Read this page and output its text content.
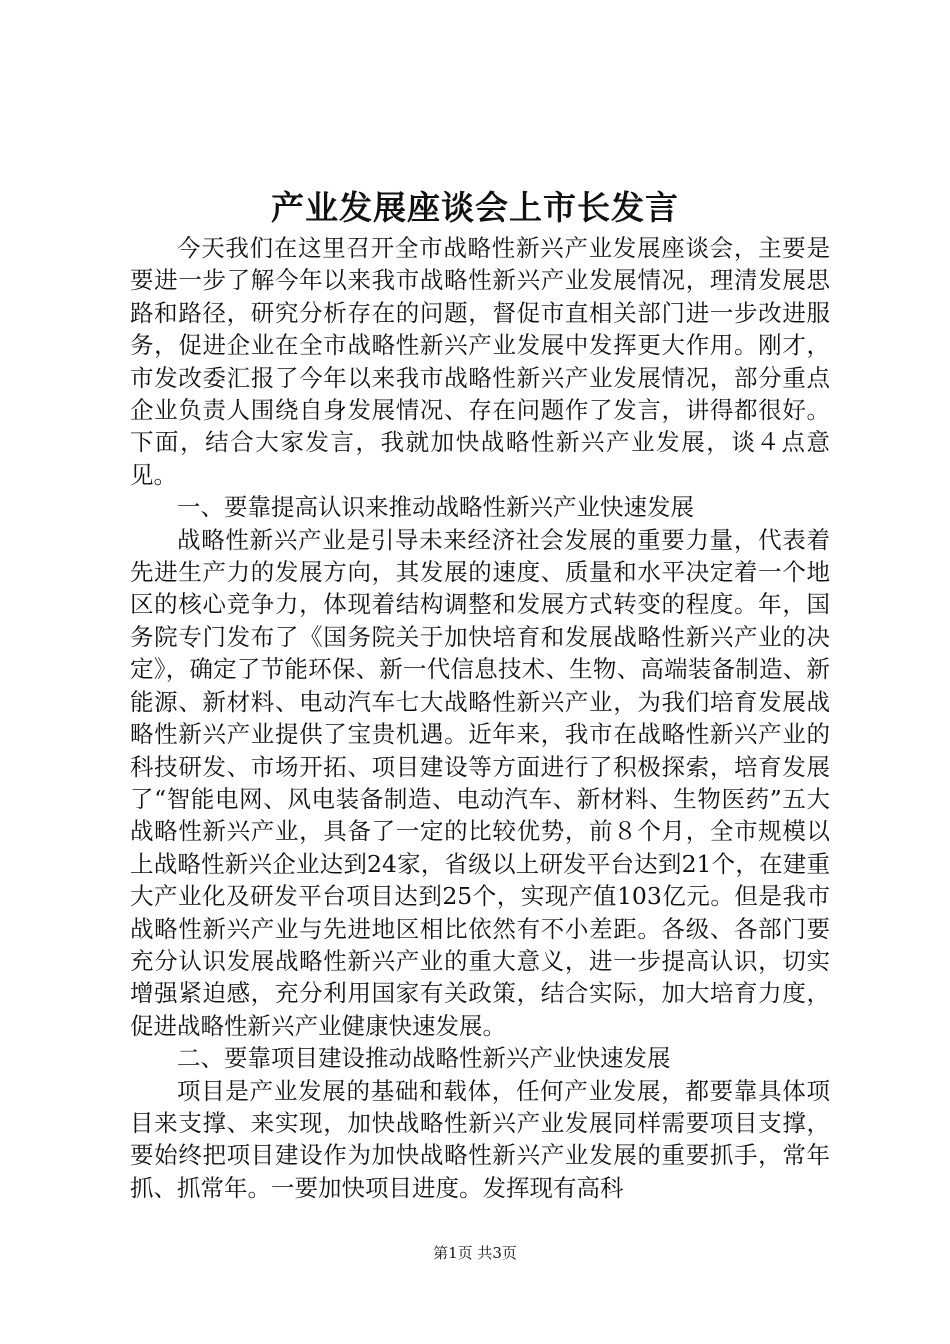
产业发展座谈会上市长发言

今天我们在这里召开全市战略性新兴产业发展座谈会，主要是要进一步了解今年以来我市战略性新兴产业发展情况，理清发展思路和路径，研究分析存在的问题，督促市直相关部门进一步改进服务，促进企业在全市战略性新兴产业发展中发挥更大作用。刚才，市发改委汇报了今年以来我市战略性新兴产业发展情况，部分重点企业负责人围绕自身发展情况、存在问题作了发言，讲得都很好。下面，结合大家发言，我就加快战略性新兴产业发展，谈４点意见。

一、要靠提高认识来推动战略性新兴产业快速发展

战略性新兴产业是引导未来经济社会发展的重要力量，代表着先进生产力的发展方向，其发展的速度、质量和水平决定着一个地区的核心竞争力，体现着结构调整和发展方式转变的程度。年，国务院专门发布了《国务院关于加快培育和发展战略性新兴产业的决定》，确定了节能环保、新一代信息技术、生物、高端装备制造、新能源、新材料、电动汽车七大战略性新兴产业，为我们培育发展战略性新兴产业提供了宝贵机遇。近年来，我市在战略性新兴产业的科技研发、市场开拓、项目建设等方面进行了积极探索，培育发展了“智能电网、风电装备制造、电动汽车、新材料、生物医药”五大战略性新兴产业，具备了一定的比较优势，前８个月，全市规模以上战略性新兴企业达到24家，省级以上研发平台达到21个，在建重大产业化及研发平台项目达到25个，实现产值103亿元。但是我市战略性新兴产业与先进地区相比依然有不小差距。各级、各部门要充分认识发展战略性新兴产业的重大意义，进一步提高认识，切实增强紧迫感，充分利用国家有关政策，结合实际，加大培育力度，促进战略性新兴产业健康快速发展。

二、要靠项目建设推动战略性新兴产业快速发展

项目是产业发展的基础和载体，任何产业发展，都要靠具体项目来支撑、来实现，加快战略性新兴产业发展同样需要项目支撑，要始终把项目建设作为加快战略性新兴产业发展的重要抓手，常年抓、抓常年。一要加快项目进度。发挥现有高科

第1页 共3页
